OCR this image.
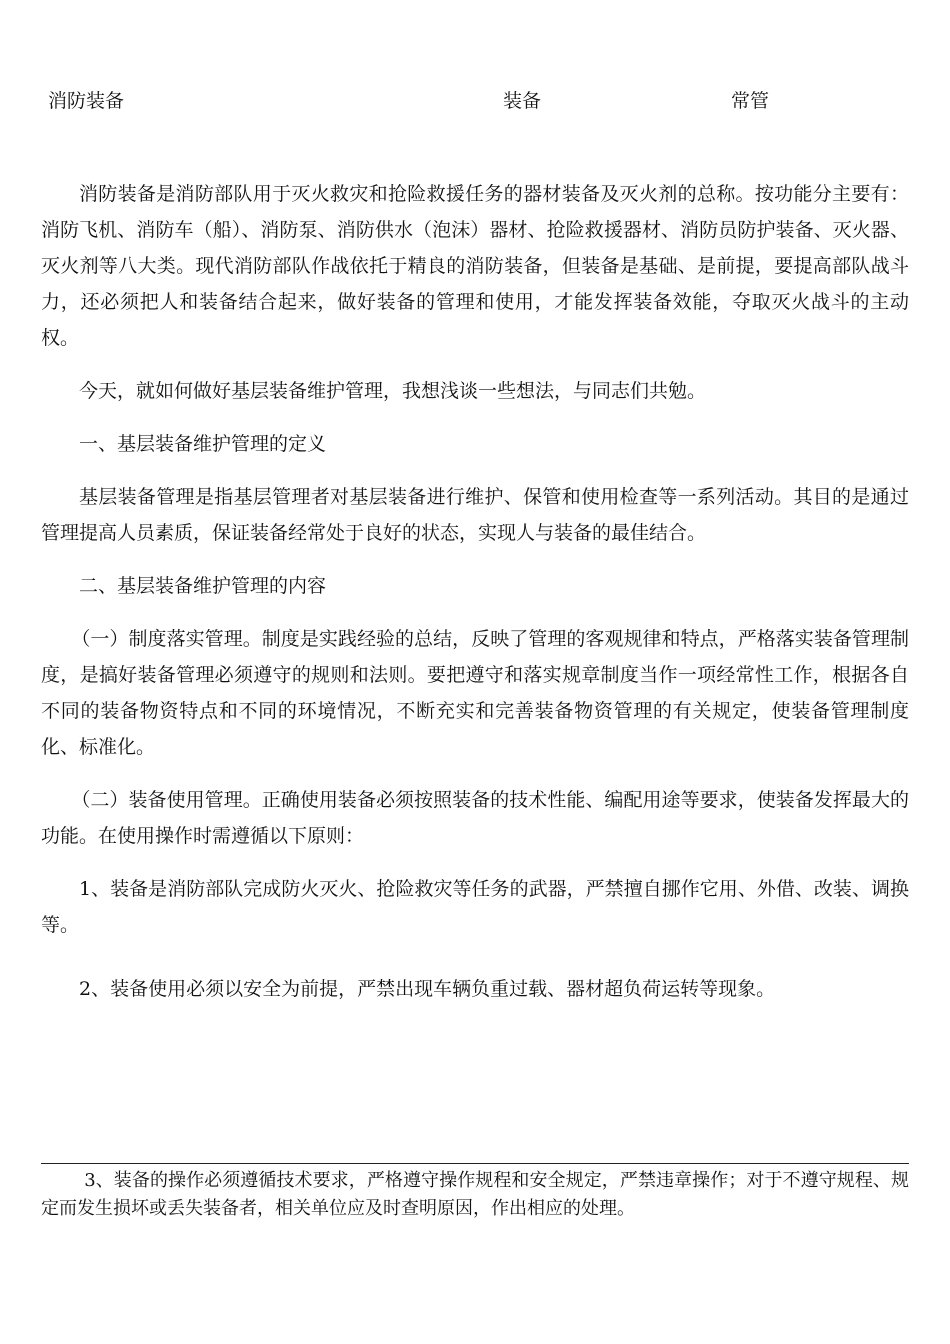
消防装备	装备	常管

消防装备是消防部队用于灭火救灾和抢险救援任务的器材装备及灭火剂的总称。按功能分主要有：消防飞机、消防车（船）、消防泵、消防供水（泡沫）器材、抢险救援器材、消防员防护装备、灭火器、灭火剂等八大类。现代消防部队作战依托于精良的消防装备，但装备是基础、是前提，要提高部队战斗力，还必须把人和装备结合起来，做好装备的管理和使用，才能发挥装备效能，夺取灭火战斗的主动权。

今天，就如何做好基层装备维护管理，我想浅谈一些想法，与同志们共勉。

一、基层装备维护管理的定义

基层装备管理是指基层管理者对基层装备进行维护、保管和使用检查等一系列活动。其目的是通过管理提高人员素质，保证装备经常处于良好的状态，实现人与装备的最佳结合。

二、基层装备维护管理的内容

（一）制度落实管理。制度是实践经验的总结，反映了管理的客观规律和特点，严格落实装备管理制度，是搞好装备管理必须遵守的规则和法则。要把遵守和落实规章制度当作一项经常性工作，根据各自不同的装备物资特点和不同的环境情况，不断充实和完善装备物资管理的有关规定，使装备管理制度化、标准化。

（二）装备使用管理。正确使用装备必须按照装备的技术性能、编配用途等要求，使装备发挥最大的功能。在使用操作时需遵循以下原则：

1、装备是消防部队完成防火灭火、抢险救灾等任务的武器，严禁擅自挪作它用、外借、改装、调换等。

2、装备使用必须以安全为前提，严禁出现车辆负重过载、器材超负荷运转等现象。

3、装备的操作必须遵循技术要求，严格遵守操作规程和安全规定，严禁违章操作；对于不遵守规程、规定而发生损坏或丢失装备者，相关单位应及时查明原因，作出相应的处理。
